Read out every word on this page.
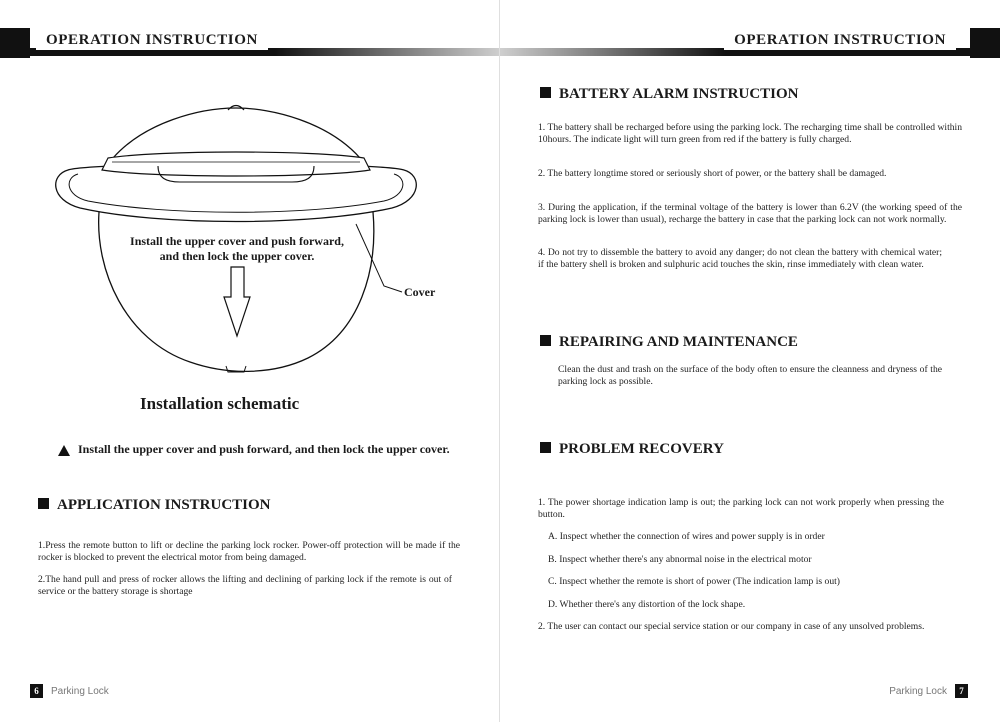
OPERATION INSTRUCTION
Install the upper cover and push forward,
and then lock the upper cover.
Cover
Installation schematic
Install the upper cover and push forward, and then lock the upper cover.
APPLICATION INSTRUCTION
1.Press the remote button to lift or decline the parking lock rocker. Power-off protection will be made if the rocker is blocked to prevent the electrical motor from being damaged.
2.The hand pull and press of rocker allows the lifting and declining of parking lock if the remote is out of service or the battery storage is shortage
6 Parking Lock
OPERATION INSTRUCTION
BATTERY ALARM INSTRUCTION
1. The battery shall be recharged before using the parking lock. The recharging time shall be controlled within 10hours. The indicate light will turn green from red if the battery is fully charged.
2. The battery longtime stored or seriously short of power, or the battery shall be damaged.
3. During the application, if the terminal voltage of the battery is lower than 6.2V (the working speed of the parking lock is lower than usual), recharge the battery in case that the parking lock can not work normally.
4. Do not try to dissemble the battery to avoid any danger; do not clean the battery with chemical water; if the battery shell is broken and sulphuric acid touches the skin, rinse immediately with clean water.
REPAIRING AND MAINTENANCE
Clean the dust and trash on the surface of the body often to ensure the cleanness and dryness of the parking lock as possible.
PROBLEM RECOVERY
1. The power shortage indication lamp is out; the parking lock can not work properly when pressing the button.
A. Inspect whether the connection of wires and power supply is in order
B. Inspect whether there's any abnormal noise in the electrical motor
C. Inspect whether the remote is short of power (The indication lamp is out)
D. Whether there's any distortion of the lock shape.
2. The user can contact our special service station or our company in case of any unsolved problems.
Parking Lock 7
